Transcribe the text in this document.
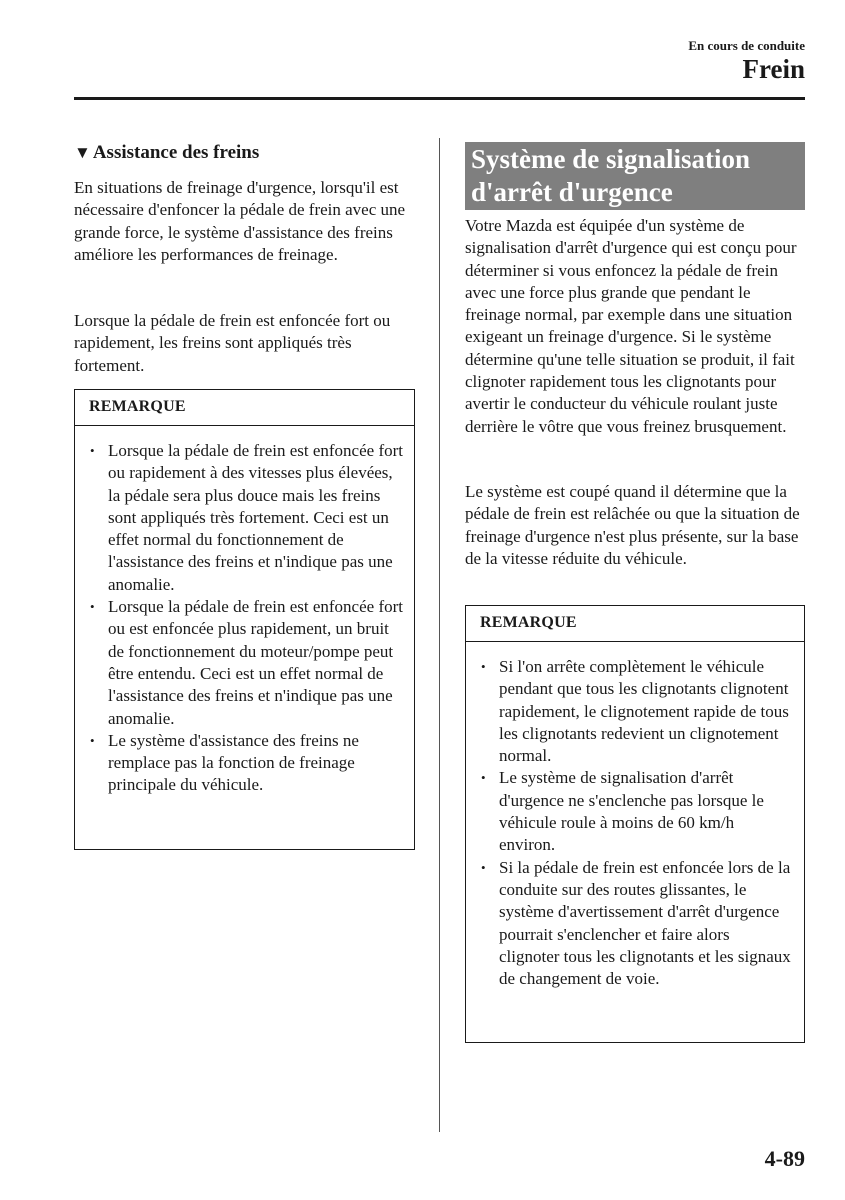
En cours de conduite
Frein
▼ Assistance des freins

En situations de freinage d'urgence, lorsqu'il est nécessaire d'enfoncer la pédale de frein avec une grande force, le système d'assistance des freins améliore les performances de freinage.

Lorsque la pédale de frein est enfoncée fort ou rapidement, les freins sont appliqués très fortement.

REMARQUE
• Lorsque la pédale de frein est enfoncée fort ou rapidement à des vitesses plus élevées, la pédale sera plus douce mais les freins sont appliqués très fortement. Ceci est un effet normal du fonctionnement de l'assistance des freins et n'indique pas une anomalie.
• Lorsque la pédale de frein est enfoncée fort ou est enfoncée plus rapidement, un bruit de fonctionnement du moteur/pompe peut être entendu. Ceci est un effet normal de l'assistance des freins et n'indique pas une anomalie.
• Le système d'assistance des freins ne remplace pas la fonction de freinage principale du véhicule.
Système de signalisation d'arrêt d'urgence

Votre Mazda est équipée d'un système de signalisation d'arrêt d'urgence qui est conçu pour déterminer si vous enfoncez la pédale de frein avec une force plus grande que pendant le freinage normal, par exemple dans une situation exigeant un freinage d'urgence. Si le système détermine qu'une telle situation se produit, il fait clignoter rapidement tous les clignotants pour avertir le conducteur du véhicule roulant juste derrière le vôtre que vous freinez brusquement.

Le système est coupé quand il détermine que la pédale de frein est relâchée ou que la situation de freinage d'urgence n'est plus présente, sur la base de la vitesse réduite du véhicule.

REMARQUE
• Si l'on arrête complètement le véhicule pendant que tous les clignotants clignotent rapidement, le clignotement rapide de tous les clignotants redevient un clignotement normal.
• Le système de signalisation d'arrêt d'urgence ne s'enclenche pas lorsque le véhicule roule à moins de 60 km/h environ.
• Si la pédale de frein est enfoncée lors de la conduite sur des routes glissantes, le système d'avertissement d'arrêt d'urgence pourrait s'enclencher et faire alors clignoter tous les clignotants et les signaux de changement de voie.
4-89
